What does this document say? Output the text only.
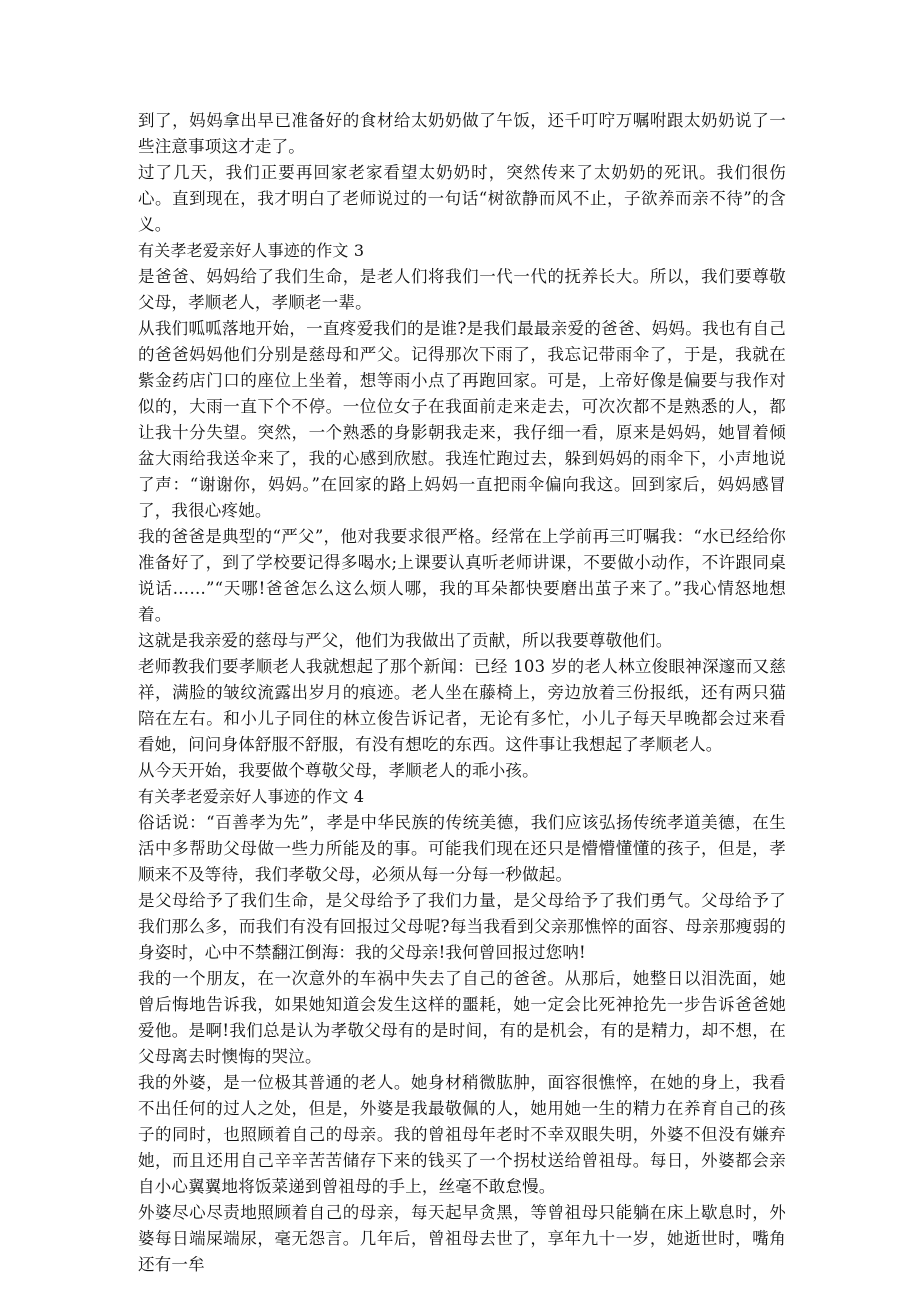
到了，妈妈拿出早已准备好的食材给太奶奶做了午饭，还千叮咛万嘱咐跟太奶奶说了一些注意事项这才走了。

过了几天，我们正要再回家老家看望太奶奶时，突然传来了太奶奶的死讯。我们很伤心。直到现在，我才明白了老师说过的一句话“树欲静而风不止，子欲养而亲不待”的含义。

有关孝老爱亲好人事迹的作文 3

是爸爸、妈妈给了我们生命，是老人们将我们一代一代的抚养长大。所以，我们要尊敬父母，孝顺老人，孝顺老一辈。

从我们呱呱落地开始，一直疼爱我们的是谁?是我们最最亲爱的爸爸、妈妈。我也有自己的爸爸妈妈他们分别是慈母和严父。记得那次下雨了，我忘记带雨伞了，于是，我就在紫金药店门口的座位上坐着，想等雨小点了再跑回家。可是，上帝好像是偏要与我作对似的，大雨一直下个不停。一位位女子在我面前走来走去，可次次都不是熟悉的人，都让我十分失望。突然，一个熟悉的身影朝我走来，我仔细一看，原来是妈妈，她冒着倾盆大雨给我送伞来了，我的心感到欣慰。我连忙跑过去，躲到妈妈的雨伞下，小声地说了声：“谢谢你，妈妈。”在回家的路上妈妈一直把雨伞偏向我这。回到家后，妈妈感冒了，我很心疼她。

我的爸爸是典型的“严父”，他对我要求很严格。经常在上学前再三叮嘱我：“水已经给你准备好了，到了学校要记得多喝水;上课要认真听老师讲课，不要做小动作，不许跟同桌说话……”“天哪!爸爸怎么这么烦人哪，我的耳朵都快要磨出茧子来了。”我心情怒地想着。

这就是我亲爱的慈母与严父，他们为我做出了贡献，所以我要尊敬他们。

老师教我们要孝顺老人我就想起了那个新闻：已经 103 岁的老人林立俊眼神深邃而又慈祥，满脸的皱纹流露出岁月的痕迹。老人坐在藤椅上，旁边放着三份报纸，还有两只猫陪在左右。和小儿子同住的林立俊告诉记者，无论有多忙，小儿子每天早晚都会过来看看她，问问身体舒服不舒服，有没有想吃的东西。这件事让我想起了孝顺老人。

从今天开始，我要做个尊敬父母，孝顺老人的乖小孩。

有关孝老爱亲好人事迹的作文 4

俗话说：“百善孝为先”，孝是中华民族的传统美德，我们应该弘扬传统孝道美德，在生活中多帮助父母做一些力所能及的事。可能我们现在还只是懵懵懂懂的孩子，但是，孝顺来不及等待，我们孝敬父母，必须从每一分每一秒做起。

是父母给予了我们生命，是父母给予了我们力量，是父母给予了我们勇气。父母给予了我们那么多，而我们有没有回报过父母呢?每当我看到父亲那憔悴的面容、母亲那瘦弱的身姿时，心中不禁翻江倒海：我的父母亲!我何曾回报过您呐!

我的一个朋友，在一次意外的车祸中失去了自己的爸爸。从那后，她整日以泪洗面，她曾后悔地告诉我，如果她知道会发生这样的噩耗，她一定会比死神抢先一步告诉爸爸她爱他。是啊!我们总是认为孝敬父母有的是时间，有的是机会，有的是精力，却不想，在父母离去时懊悔的哭泣。

我的外婆，是一位极其普通的老人。她身材稍微肱肿，面容很憔悴，在她的身上，我看不出任何的过人之处，但是，外婆是我最敬佩的人，她用她一生的精力在养育自己的孩子的同时，也照顾着自己的母亲。我的曾祖母年老时不幸双眼失明，外婆不但没有嫌弃她，而且还用自己辛辛苦苦储存下来的钱买了一个拐杖送给曾祖母。每日，外婆都会亲自小心翼翼地将饭菜递到曾祖母的手上，丝毫不敢怠慢。

外婆尽心尽责地照顾着自己的母亲，每天起早贪黑，等曾祖母只能躺在床上歇息时，外婆每日端屎端尿，毫无怨言。几年后，曾祖母去世了，享年九十一岁，她逝世时，嘴角还有一牟
